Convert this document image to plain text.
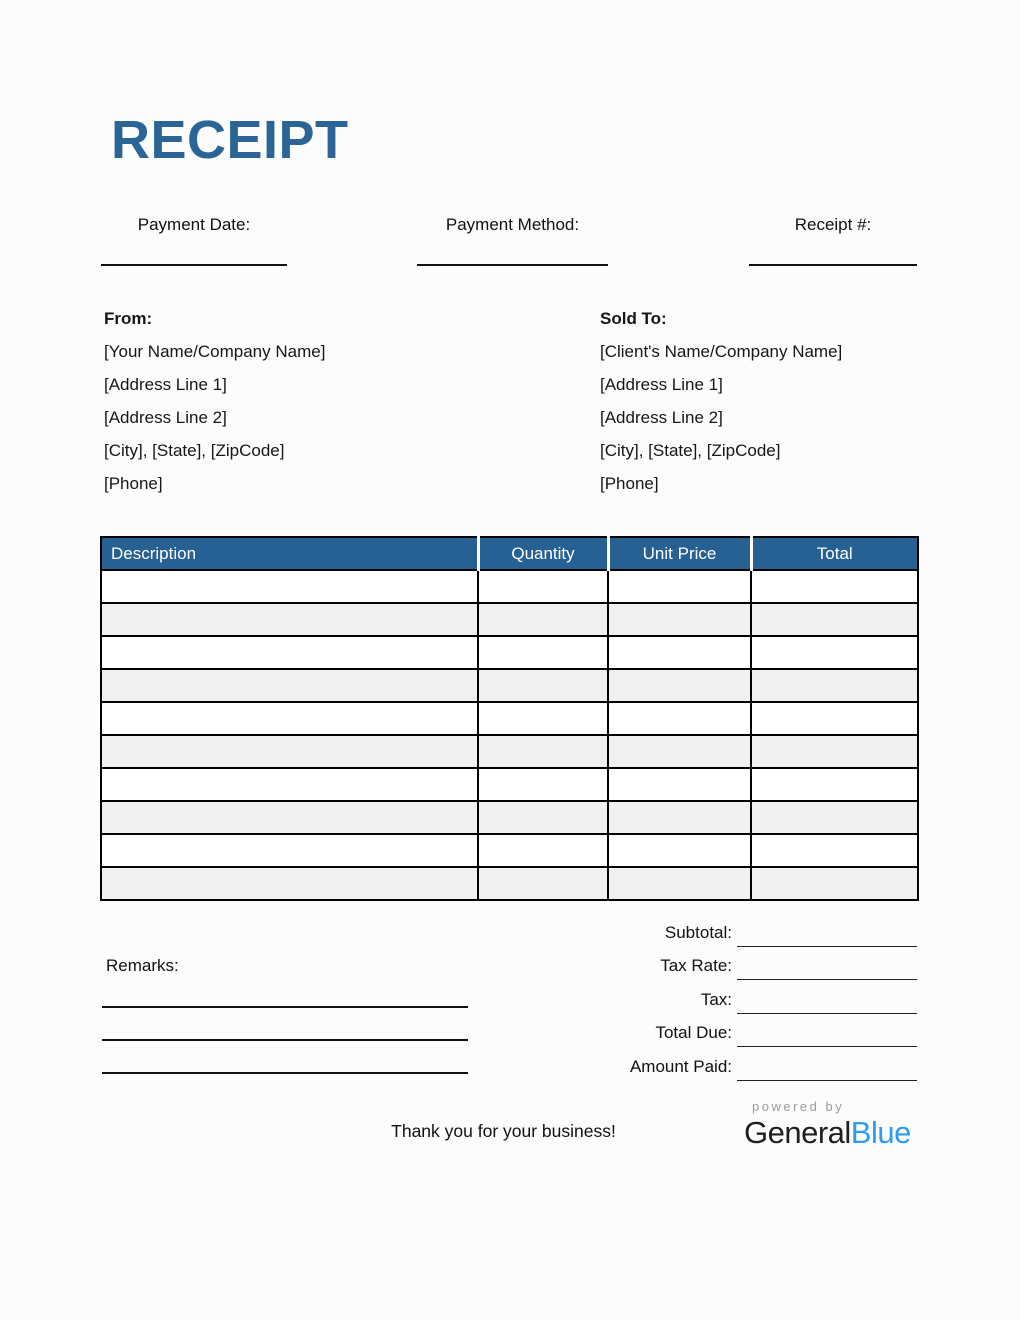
RECEIPT
Payment Date:	Payment Method:	Receipt #:
From:
[Your Name/Company Name]
[Address Line 1]
[Address Line 2]
[City], [State], [ZipCode]
[Phone]
Sold To:
[Client's Name/Company Name]
[Address Line 1]
[Address Line 2]
[City], [State], [ZipCode]
[Phone]
Description	Quantity	Unit Price	Total

Subtotal:
Tax Rate:
Tax:
Total Due:
Amount Paid:
Remarks:
Thank you for your business!
powered by
GeneralBlue
